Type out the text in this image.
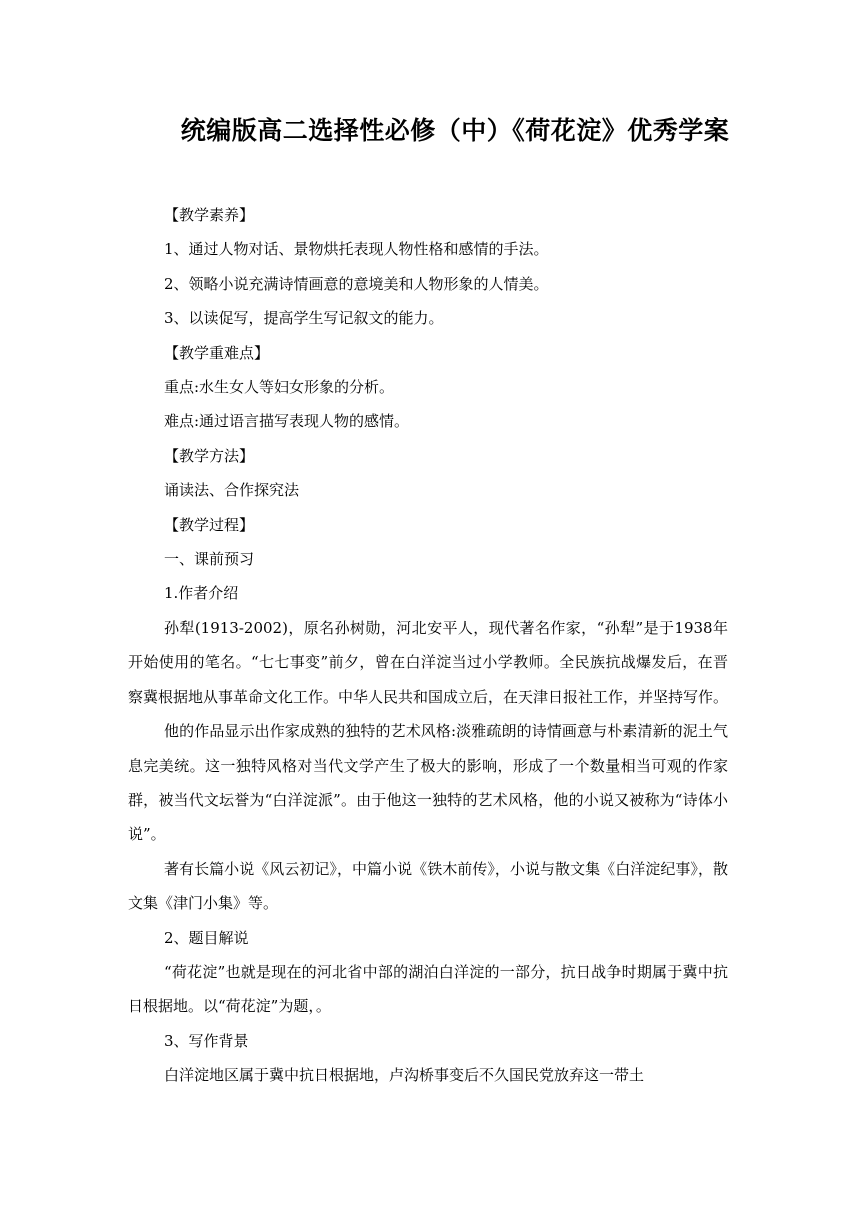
统编版高二选择性必修（中）《荷花淀》优秀学案
【教学素养】
1、通过人物对话、景物烘托表现人物性格和感情的手法。
2、领略小说充满诗情画意的意境美和人物形象的人情美。
3、以读促写，提高学生写记叙文的能力。
【教学重难点】
重点:水生女人等妇女形象的分析。
难点:通过语言描写表现人物的感情。
【教学方法】
诵读法、合作探究法
【教学过程】
一、课前预习
1.作者介绍
孙犁(1913-2002)，原名孙树勋，河北安平人，现代著名作家，“孙犁”是于1938年开始使用的笔名。“七七事变”前夕，曾在白洋淀当过小学教师。全民族抗战爆发后，在晋察冀根据地从事革命文化工作。中华人民共和国成立后，在天津日报社工作，并坚持写作。
他的作品显示出作家成熟的独特的艺术风格:淡雅疏朗的诗情画意与朴素清新的泥土气息完美统。这一独特风格对当代文学产生了极大的影响，形成了一个数量相当可观的作家群，被当代文坛誉为“白洋淀派”。由于他这一独特的艺术风格，他的小说又被称为“诗体小说”。
著有长篇小说《风云初记》，中篇小说《铁木前传》，小说与散文集《白洋淀纪事》，散文集《津门小集》等。
2、题目解说
“荷花淀”也就是现在的河北省中部的湖泊白洋淀的一部分，抗日战争时期属于冀中抗日根据地。以“荷花淀”为题，。
3、写作背景
白洋淀地区属于冀中抗日根据地，卢沟桥事变后不久国民党放弃这一带土
